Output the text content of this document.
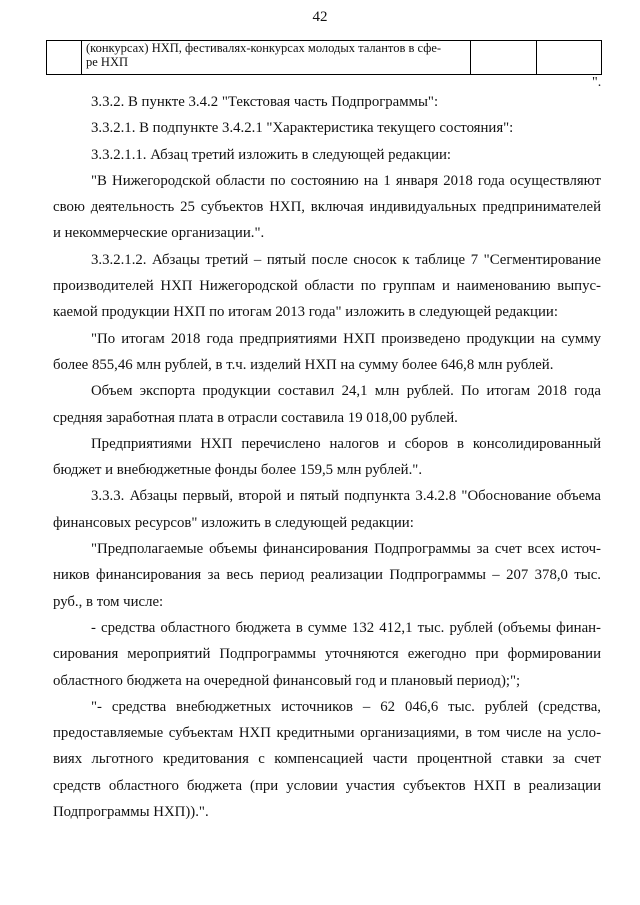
42
	(конкурсах) НХП, фестивалях-конкурсах молодых талантов в сфе-
ре НХП		
".

3.3.2. В пункте 3.4.2 "Текстовая часть Подпрограммы":

3.3.2.1. В подпункте 3.4.2.1 "Характеристика текущего состояния":

3.3.2.1.1. Абзац третий изложить в следующей редакции:

"В Нижегородской области по состоянию на 1 января 2018 года осуществляют
свою деятельность 25 субъектов НХП, включая индивидуальных предпринимателей
и некоммерческие организации.".

3.3.2.1.2. Абзацы третий – пятый после сносок к таблице 7 "Сегментирование
производителей НХП Нижегородской области по группам и наименованию выпус-
каемой продукции НХП по итогам 2013 года" изложить в следующей редакции:

"По итогам 2018 года предприятиями НХП произведено продукции на сумму
более 855,46 млн рублей, в т.ч. изделий НХП на сумму более 646,8 млн рублей.

Объем экспорта продукции составил 24,1 млн рублей. По итогам 2018 года
средняя заработная плата в отрасли составила 19 018,00 рублей.

Предприятиями НХП перечислено налогов и сборов в консолидированный
бюджет и внебюджетные фонды более 159,5 млн рублей.".

3.3.3. Абзацы первый, второй и пятый подпункта 3.4.2.8 "Обоснование объема
финансовых ресурсов" изложить в следующей редакции:

"Предполагаемые объемы финансирования Подпрограммы за счет всех источ-
ников финансирования за весь период реализации Подпрограммы – 207 378,0 тыс.
руб., в том числе:

- средства областного бюджета в сумме 132 412,1 тыс. рублей (объемы финан-
сирования мероприятий Подпрограммы уточняются ежегодно при формировании
областного бюджета на очередной финансовый год и плановый период);";

"- средства внебюджетных источников – 62 046,6 тыс. рублей (средства,
предоставляемые субъектам НХП кредитными организациями, в том числе на усло-
виях льготного кредитования с компенсацией части процентной ставки за счет
средств областного бюджета (при условии участия субъектов НХП в реализации
Подпрограммы НХП)).".
